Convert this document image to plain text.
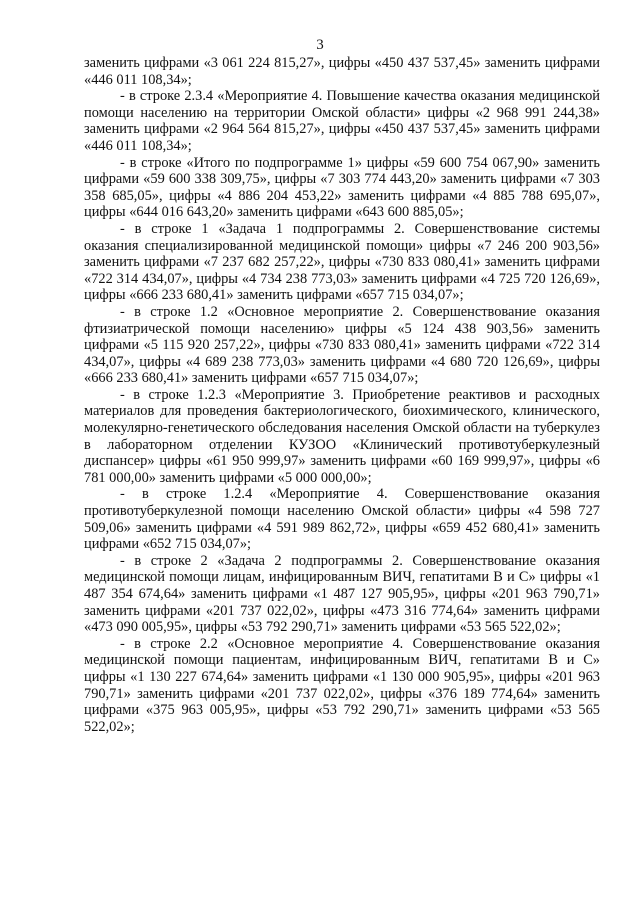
3

заменить цифрами «3 061 224 815,27», цифры «450 437 537,45» заменить цифрами «446 011 108,34»;

- в строке 2.3.4 «Мероприятие 4. Повышение качества оказания медицинской помощи населению на территории Омской области» цифры «2 968 991 244,38» заменить цифрами «2 964 564 815,27», цифры «450 437 537,45» заменить цифрами «446 011 108,34»;

- в строке «Итого по подпрограмме 1» цифры «59 600 754 067,90» заменить цифрами «59 600 338 309,75», цифры «7 303 774 443,20» заменить цифрами «7 303 358 685,05», цифры «4 886 204 453,22» заменить цифрами «4 885 788 695,07», цифры «644 016 643,20» заменить цифрами «643 600 885,05»;

- в строке 1 «Задача 1 подпрограммы 2. Совершенствование системы оказания специализированной медицинской помощи» цифры «7 246 200 903,56» заменить цифрами «7 237 682 257,22», цифры «730 833 080,41» заменить цифрами «722 314 434,07», цифры «4 734 238 773,03» заменить цифрами «4 725 720 126,69», цифры «666 233 680,41» заменить цифрами «657 715 034,07»;

- в строке 1.2 «Основное мероприятие 2. Совершенствование оказания фтизиатрической помощи населению» цифры «5 124 438 903,56» заменить цифрами «5 115 920 257,22», цифры «730 833 080,41» заменить цифрами «722 314 434,07», цифры «4 689 238 773,03» заменить цифрами «4 680 720 126,69», цифры «666 233 680,41» заменить цифрами «657 715 034,07»;

- в строке 1.2.3 «Мероприятие 3. Приобретение реактивов и расходных материалов для проведения бактериологического, биохимического, клинического, молекулярно-генетического обследования населения Омской области на туберкулез в лабораторном отделении КУЗОО «Клинический противотуберкулезный диспансер» цифры «61 950 999,97» заменить цифрами «60 169 999,97», цифры «6 781 000,00» заменить цифрами «5 000 000,00»;

- в строке 1.2.4 «Мероприятие 4. Совершенствование оказания противотуберкулезной помощи населению Омской области» цифры «4 598 727 509,06» заменить цифрами «4 591 989 862,72», цифры «659 452 680,41» заменить цифрами «652 715 034,07»;

- в строке 2 «Задача 2 подпрограммы 2. Совершенствование оказания медицинской помощи лицам, инфицированным ВИЧ, гепатитами B и C» цифры «1 487 354 674,64» заменить цифрами «1 487 127 905,95», цифры «201 963 790,71» заменить цифрами «201 737 022,02», цифры «473 316 774,64» заменить цифрами «473 090 005,95», цифры «53 792 290,71» заменить цифрами «53 565 522,02»;

- в строке 2.2 «Основное мероприятие 4. Совершенствование оказания медицинской помощи пациентам, инфицированным ВИЧ, гепатитами B и C» цифры «1 130 227 674,64» заменить цифрами «1 130 000 905,95», цифры «201 963 790,71» заменить цифрами «201 737 022,02», цифры «376 189 774,64» заменить цифрами «375 963 005,95», цифры «53 792 290,71» заменить цифрами «53 565 522,02»;
